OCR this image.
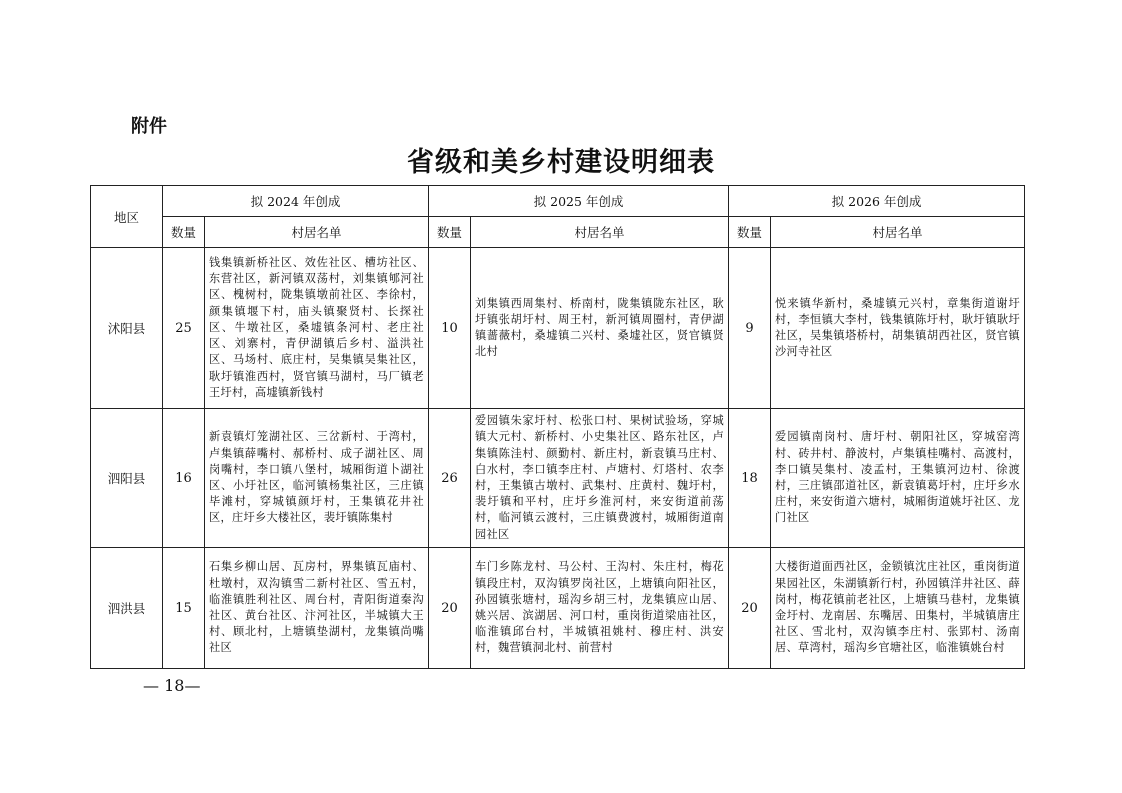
附件
省级和美乡村建设明细表
地区	拟 2024 年创成		拟 2025 年创成		拟 2026 年创成	
	数量	村居名单	数量	村居名单	数量	村居名单
沭阳县	25	钱集镇新桥社区、效佐社区、槽坊社区、东营社区，新河镇双荡村，刘集镇郇河社区、槐树村，陇集镇墩前社区、李徐村，颜集镇堰下村，庙头镇聚贤村、长探社区、牛墩社区，桑墟镇条河村、老庄社区、刘寨村，青伊湖镇后乡村、溢洪社区、马场村、底庄村，吴集镇吴集社区，耿圩镇淮西村，贤官镇马湖村，马厂镇老王圩村，高墟镇新钱村	10	刘集镇西周集村、桥南村，陇集镇陇东社区，耿圩镇张胡圩村、周王村，新河镇周圈村，青伊湖镇蔷薇村，桑墟镇二兴村、桑墟社区，贤官镇贤北村	9	悦来镇华新村，桑墟镇元兴村，章集街道谢圩村，李恒镇大李村，钱集镇陈圩村，耿圩镇耿圩社区，吴集镇塔桥村，胡集镇胡西社区，贤官镇沙河寺社区
泗阳县	16	新袁镇灯笼湖社区、三岔新村、于湾村，卢集镇薛嘴村、郝桥村、成子湖社区、周岗嘴村，李口镇八堡村，城厢街道卜湖社区、小圩社区，临河镇杨集社区，三庄镇毕滩村，穿城镇颜圩村，王集镇花井社区，庄圩乡大楼社区，裴圩镇陈集村	26	爱园镇朱家圩村、松张口村、果树试验场，穿城镇大元村、新桥村、小史集社区、路东社区，卢集镇陈洼村、颜勤村、新庄村，新袁镇马庄村、白水村，李口镇李庄村、卢塘村、灯塔村、农李村，王集镇古墩村、武集村、庄黄村、魏圩村，裴圩镇和平村，庄圩乡淮河村，来安街道前荡村，临河镇云渡村，三庄镇费渡村，城厢街道南园社区	18	爱园镇南岗村、唐圩村、朝阳社区，穿城窑湾村、砖井村、静波村，卢集镇桂嘴村、高渡村，李口镇吴集村、凌孟村，王集镇河边村、徐渡村，三庄镇邵道社区，新袁镇葛圩村，庄圩乡水庄村，来安街道六塘村，城厢街道姚圩社区、龙门社区
泗洪县	15	石集乡柳山居、瓦房村，界集镇瓦庙村、杜墩村，双沟镇雪二新村社区、雪五村，临淮镇胜利社区、周台村，青阳街道秦沟社区、黄台社区、汴河社区，半城镇大王村、顾北村，上塘镇垫湖村，龙集镇尚嘴社区	20	车门乡陈龙村、马公村、王沟村、朱庄村，梅花镇段庄村，双沟镇罗岗社区，上塘镇向阳社区，孙园镇张塘村，瑶沟乡胡三村，龙集镇应山居、姚兴居、滨湖居、河口村，重岗街道梁庙社区，临淮镇邱台村，半城镇祖姚村、穆庄村、洪安村，魏营镇洞北村、前营村	20	大楼街道面西社区，金锁镇沈庄社区，重岗街道果园社区，朱湖镇新行村，孙园镇洋井社区、薛岗村，梅花镇前老社区，上塘镇马巷村，龙集镇金圩村、龙南居、东嘴居、田集村，半城镇唐庄社区、雪北村，双沟镇李庄村、张郢村、汤南居、草湾村，瑶沟乡官塘社区，临淮镇姚台村
— 18—
